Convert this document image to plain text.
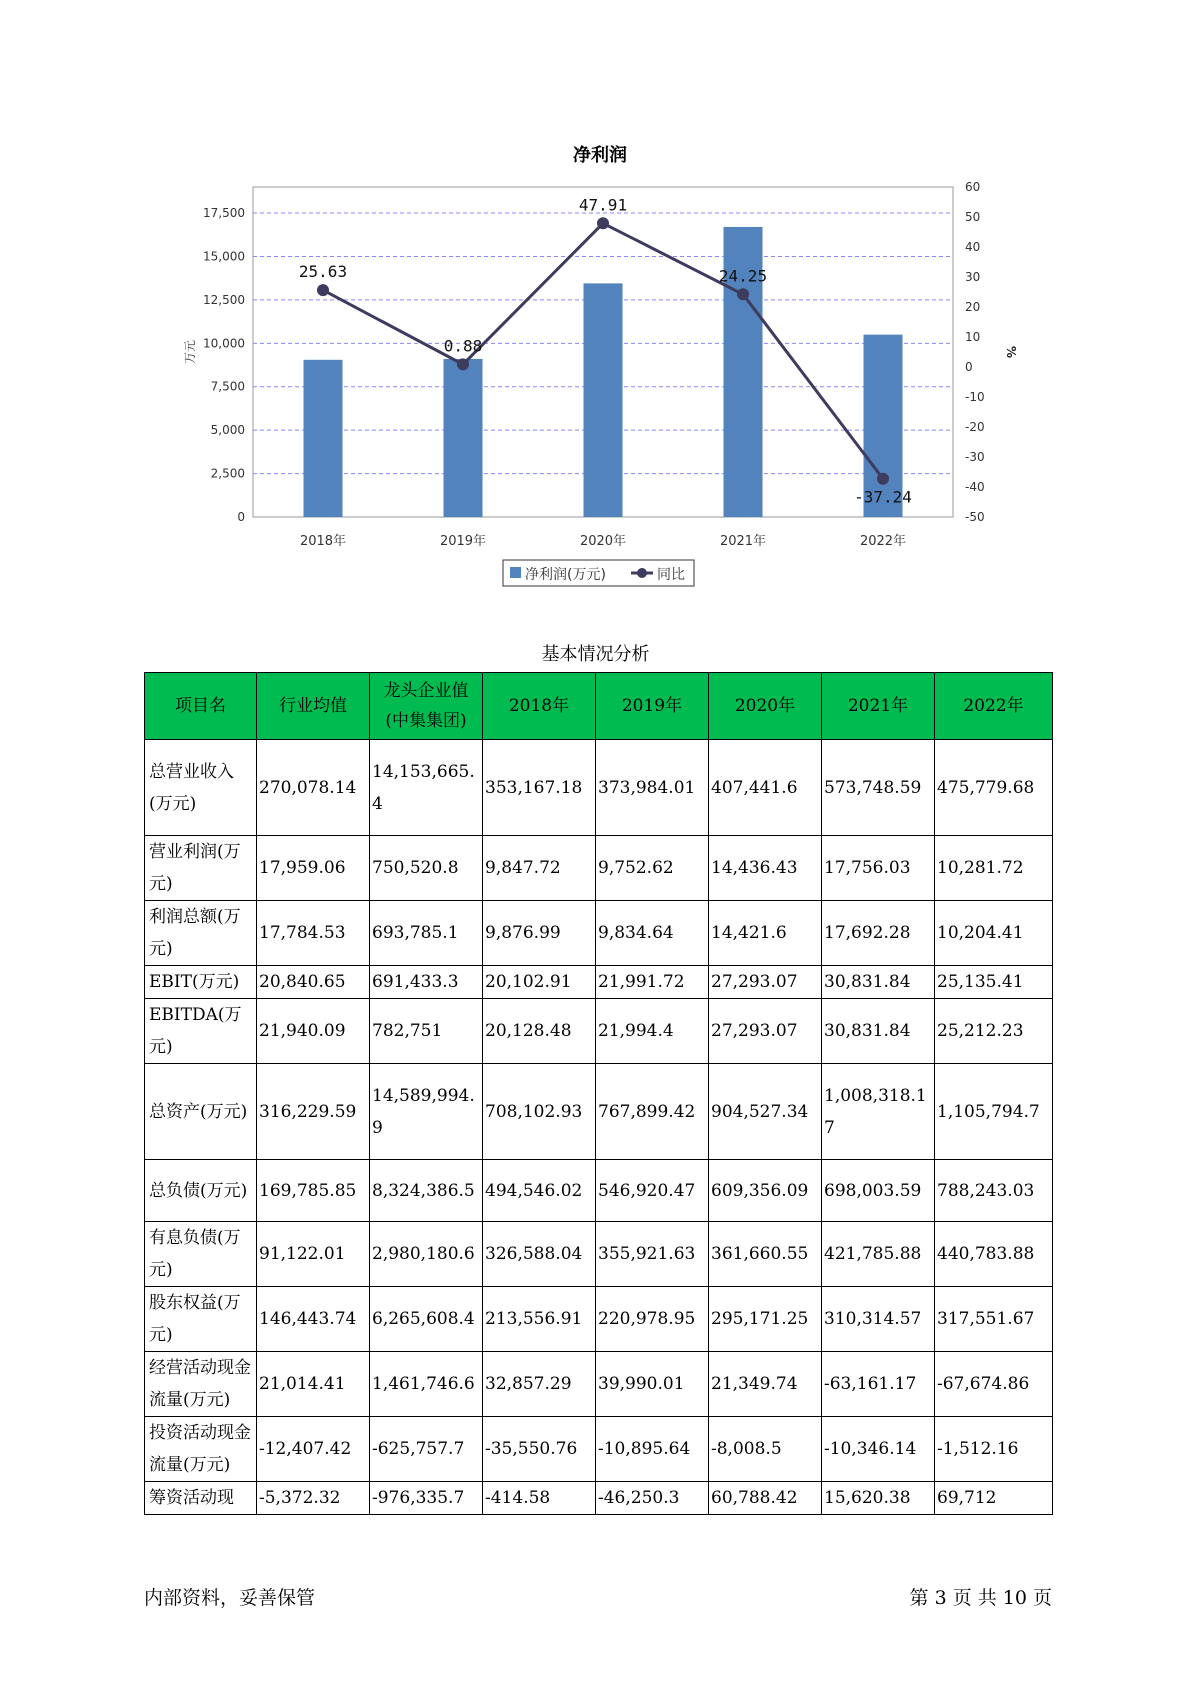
净利润
25.63
0.88
47.91
24.25
-37.24
0
2,500
5,000
7,500
10,000
12,500
15,000
17,500
-50
-40
-30
-20
-10
0
10
20
30
40
50
60
万元	%
2018年	2019年	2020年	2021年	2022年
净利润(万元)	同比
基本情况分析
项目名	行业均值	龙头企业值(中集集团)	2018年	2019年	2020年	2021年	2022年
总营业收入(万元)	270,078.14	14,153,665.4	353,167.18	373,984.01	407,441.6	573,748.59	475,779.68
营业利润(万元)	17,959.06	750,520.8	9,847.72	9,752.62	14,436.43	17,756.03	10,281.72
利润总额(万元)	17,784.53	693,785.1	9,876.99	9,834.64	14,421.6	17,692.28	10,204.41
EBIT(万元)	20,840.65	691,433.3	20,102.91	21,991.72	27,293.07	30,831.84	25,135.41
EBITDA(万元)	21,940.09	782,751	20,128.48	21,994.4	27,293.07	30,831.84	25,212.23
总资产(万元)	316,229.59	14,589,994.9	708,102.93	767,899.42	904,527.34	1,008,318.17	1,105,794.7
总负债(万元)	169,785.85	8,324,386.5	494,546.02	546,920.47	609,356.09	698,003.59	788,243.03
有息负债(万元)	91,122.01	2,980,180.6	326,588.04	355,921.63	361,660.55	421,785.88	440,783.88
股东权益(万元)	146,443.74	6,265,608.4	213,556.91	220,978.95	295,171.25	310,314.57	317,551.67
经营活动现金流量(万元)	21,014.41	1,461,746.6	32,857.29	39,990.01	21,349.74	-63,161.17	-67,674.86
投资活动现金流量(万元)	-12,407.42	-625,757.7	-35,550.76	-10,895.64	-8,008.5	-10,346.14	-1,512.16
筹资活动现	-5,372.32	-976,335.7	-414.58	-46,250.3	60,788.42	15,620.38	69,712
内部资料，妥善保管	第 3 页 共 10 页
